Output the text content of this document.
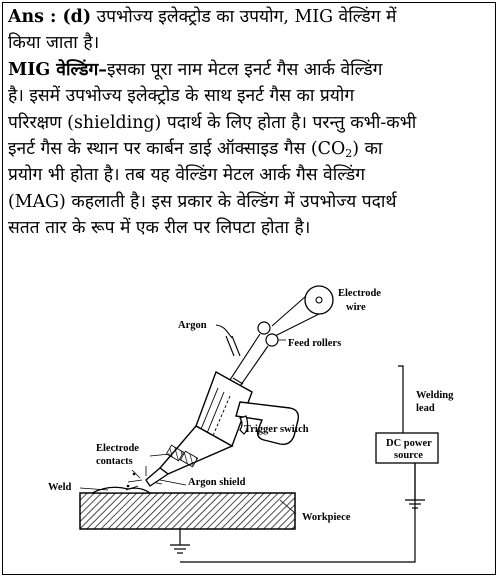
Ans : (d) उपभोज्य इलेक्ट्रोड का उपयोग, MIG वेल्डिंग में
किया जाता है।
MIG वेल्डिंग–इसका पूरा नाम मेटल इनर्ट गैस आर्क वेल्डिंग
है। इसमें उपभोज्य इलेक्ट्रोड के साथ इनर्ट गैस का प्रयोग
परिरक्षण (shielding) पदार्थ के लिए होता है। परन्तु कभी-कभी
इनर्ट गैस के स्थान पर कार्बन डाई ऑक्साइड गैस $(CO_2)$ का
प्रयोग भी होता है। तब यह वेल्डिंग मेटल आर्क गैस वेल्डिंग
(MAG) कहलाती है। इस प्रकार के वेल्डिंग में उपभोज्य पदार्थ
सतत तार के रूप में एक रील पर लिपटा होता है।
Electrode
wire
Argon
Feed rollers
Welding
lead
DC power
source
Trigger switch
Electrode
contacts
Weld	Argon shield
Workpiece
